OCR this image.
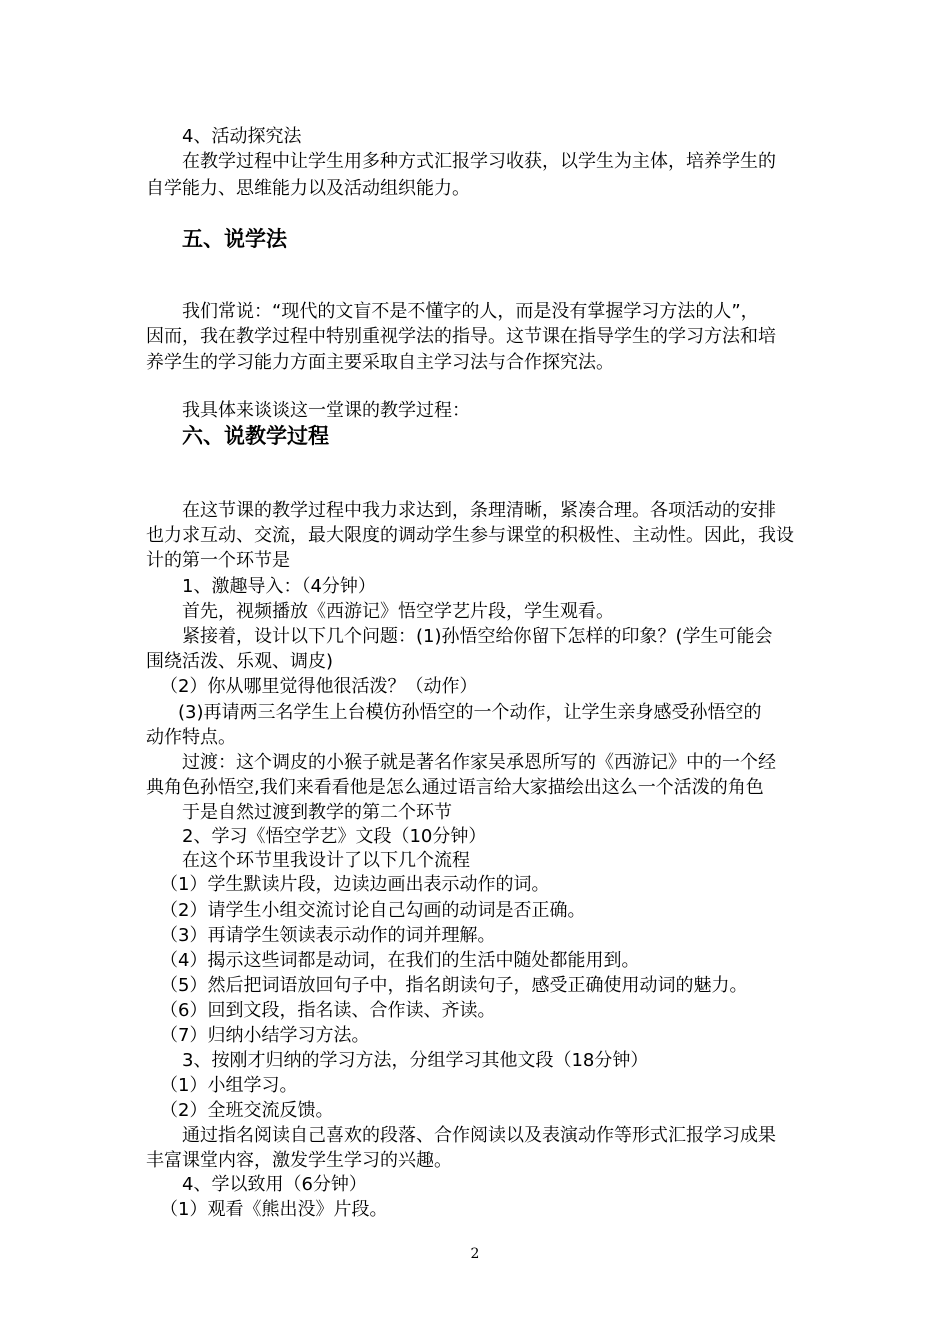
4、活动探究法
在教学过程中让学生用多种方式汇报学习收获，以学生为主体，培养学生的
自学能力、思维能力以及活动组织能力。
五、说学法
我们常说：“现代的文盲不是不懂字的人，而是没有掌握学习方法的人”，
因而，我在教学过程中特别重视学法的指导。这节课在指导学生的学习方法和培
养学生的学习能力方面主要采取自主学习法与合作探究法。
我具体来谈谈这一堂课的教学过程：
六、说教学过程
在这节课的教学过程中我力求达到，条理清晰，紧凑合理。各项活动的安排
也力求互动、交流，最大限度的调动学生参与课堂的积极性、主动性。因此，我设
计的第一个环节是
1、激趣导入：（4分钟）
首先，视频播放《西游记》悟空学艺片段，学生观看。
紧接着，设计以下几个问题：(1)孙悟空给你留下怎样的印象？(学生可能会
围绕活泼、乐观、调皮)
（2）你从哪里觉得他很活泼？（动作）
(3)再请两三名学生上台模仿孙悟空的一个动作，让学生亲身感受孙悟空的
动作特点。
过渡：这个调皮的小猴子就是著名作家吴承恩所写的《西游记》中的一个经
典角色孙悟空,我们来看看他是怎么通过语言给大家描绘出这么一个活泼的角色
于是自然过渡到教学的第二个环节
2、学习《悟空学艺》文段（10分钟）
在这个环节里我设计了以下几个流程
（1）学生默读片段，边读边画出表示动作的词。
（2）请学生小组交流讨论自己勾画的动词是否正确。
（3）再请学生领读表示动作的词并理解。
（4）揭示这些词都是动词，在我们的生活中随处都能用到。
（5）然后把词语放回句子中，指名朗读句子，感受正确使用动词的魅力。
（6）回到文段，指名读、合作读、齐读。
（7）归纳小结学习方法。
3、按刚才归纳的学习方法，分组学习其他文段（18分钟）
（1）小组学习。
（2）全班交流反馈。
通过指名阅读自己喜欢的段落、合作阅读以及表演动作等形式汇报学习成果
丰富课堂内容，激发学生学习的兴趣。
4、学以致用（6分钟）
（1）观看《熊出没》片段。
2
